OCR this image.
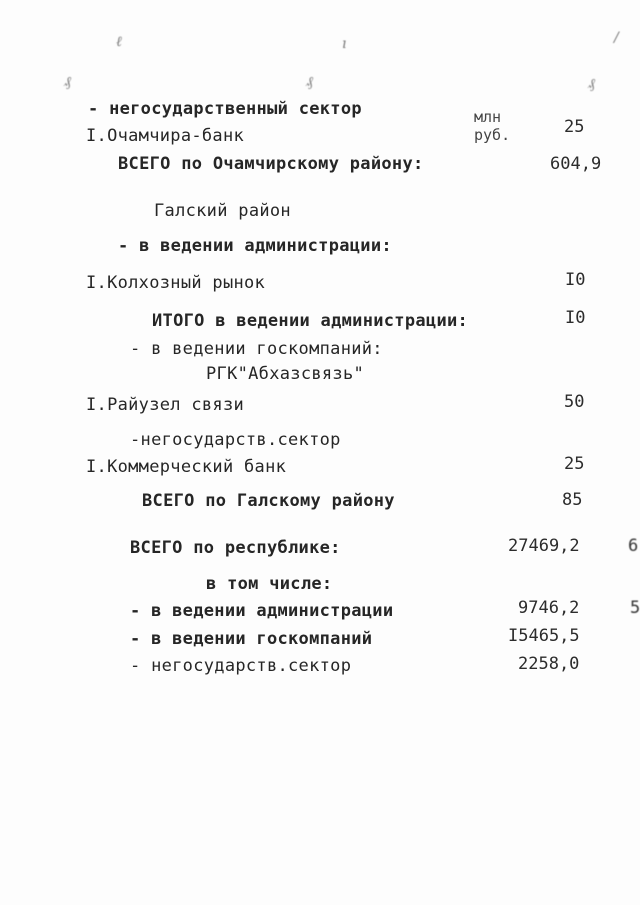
ℓ	ı	/
₰	₰	₰
млн
руб.
- негосударственный сектор
I.Очамчира-банк	25
ВСЕГО по Очамчирскому району:	604,9
Галский район
- в ведении администрации:
I.Колхозный рынок	I0
ИТОГО в ведении администрации:	I0
- в ведении госкомпаний:
РГК"Абхазсвязь"
I.Райузел связи	50
-негосударств.сектор
I.Коммерческий банк	25
ВСЕГО по Галскому району	85
ВСЕГО по республике:	27469,2	6
в том числе:
- в ведении администрации	9746,2	5
- в ведении госкомпаний	I5465,5
- негосударств.сектор	2258,0
